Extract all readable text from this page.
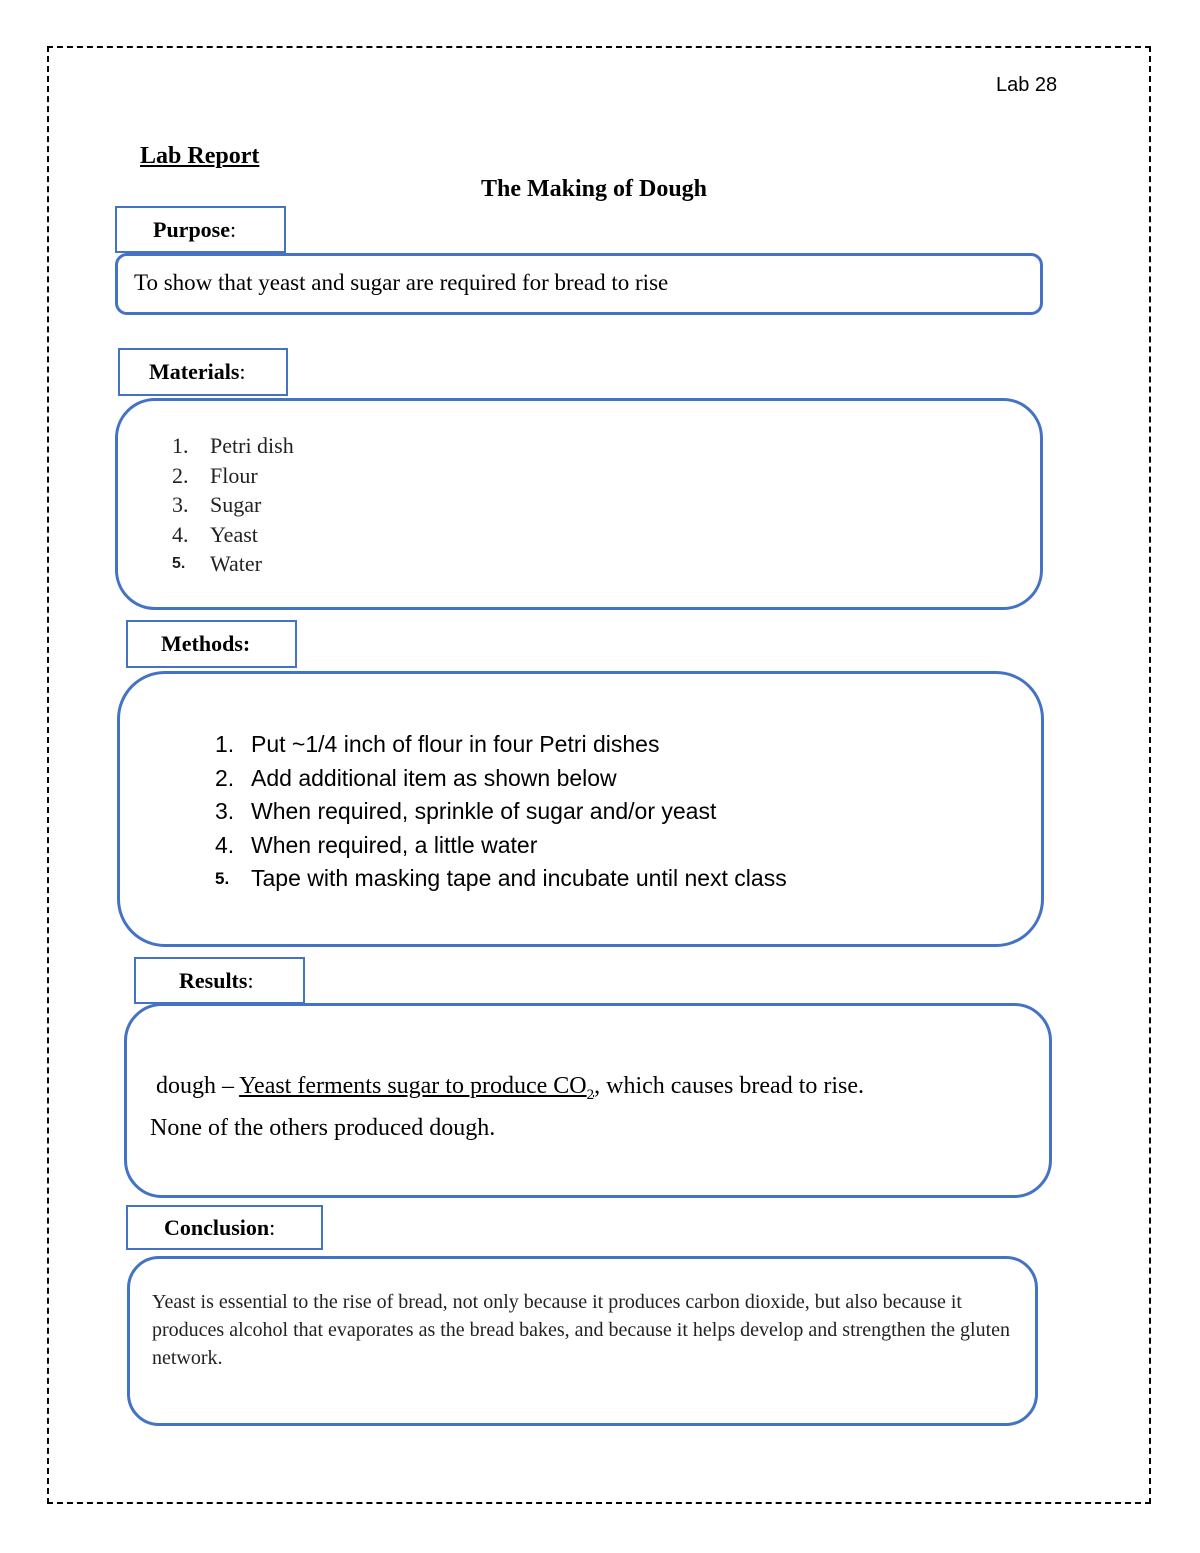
Lab 28
Lab Report
The Making of Dough
Purpose :
To show that yeast and sugar are required for bread to rise
Materials :
1. Petri dish
2. Flour
3. Sugar
4. Yeast
5.	Water
Methods:
1. Put ~1/4 inch of flour in four Petri dishes
2. Add additional item as shown below
3. When required, sprinkle of sugar and/or yeast
4. When required, a little water
5. Tape with masking tape and incubate until next class
Results :
dough – Yeast ferments sugar to produce $CO_2$, which causes bread to rise.
None of the others produced dough.
Conclusion :
Yeast is essential to the rise of bread, not only because it produces carbon dioxide, but also because it produces alcohol that evaporates as the bread bakes, and because it helps develop and strengthen the gluten network.
